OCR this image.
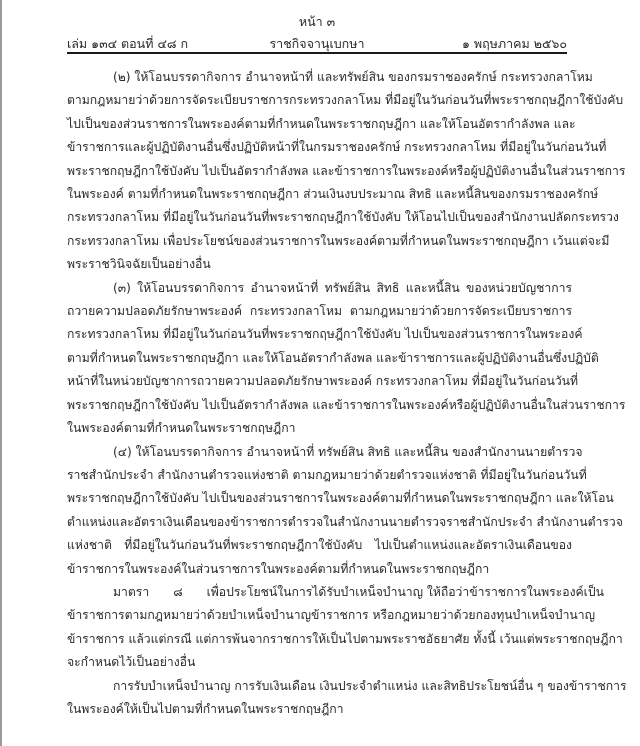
หน้า ๓
เล่ม ๑๓๔ ตอนที่ ๔๘ ก	ราชกิจจานุเบกษา	๑ พฤษภาคม ๒๕๖๐

(๒) ให้โอนบรรดากิจการ อำนาจหน้าที่ และทรัพย์สิน ของกรมราชองครักษ์ กระทรวงกลาโหม
ตามกฎหมายว่าด้วยการจัดระเบียบราชการกระทรวงกลาโหม ที่มีอยู่ในวันก่อนวันที่พระราชกฤษฎีกาใช้บังคับ
ไปเป็นของส่วนราชการในพระองค์ตามที่กำหนดในพระราชกฤษฎีกา และให้โอนอัตรากำลังพล และ
ข้าราชการและผู้ปฏิบัติงานอื่นซึ่งปฏิบัติหน้าที่ในกรมราชองครักษ์ กระทรวงกลาโหม ที่มีอยู่ในวันก่อนวันที่
พระราชกฤษฎีกาใช้บังคับ ไปเป็นอัตรากำลังพล และข้าราชการในพระองค์หรือผู้ปฏิบัติงานอื่นในส่วนราชการ
ในพระองค์ ตามที่กำหนดในพระราชกฤษฎีกา ส่วนเงินงบประมาณ สิทธิ และหนี้สินของกรมราชองครักษ์
กระทรวงกลาโหม ที่มีอยู่ในวันก่อนวันที่พระราชกฤษฎีกาใช้บังคับ ให้โอนไปเป็นของสำนักงานปลัดกระทรวง
กระทรวงกลาโหม เพื่อประโยชน์ของส่วนราชการในพระองค์ตามที่กำหนดในพระราชกฤษฎีกา เว้นแต่จะมี
พระราชวินิจฉัยเป็นอย่างอื่น

(๓) ให้โอนบรรดากิจการ อำนาจหน้าที่ ทรัพย์สิน สิทธิ และหนี้สิน ของหน่วยบัญชาการ
ถวายความปลอดภัยรักษาพระองค์ กระทรวงกลาโหม ตามกฎหมายว่าด้วยการจัดระเบียบราชการ
กระทรวงกลาโหม ที่มีอยู่ในวันก่อนวันที่พระราชกฤษฎีกาใช้บังคับ ไปเป็นของส่วนราชการในพระองค์
ตามที่กำหนดในพระราชกฤษฎีกา และให้โอนอัตรากำลังพล และข้าราชการและผู้ปฏิบัติงานอื่นซึ่งปฏิบัติ
หน้าที่ในหน่วยบัญชาการถวายความปลอดภัยรักษาพระองค์ กระทรวงกลาโหม ที่มีอยู่ในวันก่อนวันที่
พระราชกฤษฎีกาใช้บังคับ ไปเป็นอัตรากำลังพล และข้าราชการในพระองค์หรือผู้ปฏิบัติงานอื่นในส่วนราชการ
ในพระองค์ตามที่กำหนดในพระราชกฤษฎีกา

(๔) ให้โอนบรรดากิจการ อำนาจหน้าที่ ทรัพย์สิน สิทธิ และหนี้สิน ของสำนักงานนายตำรวจ
ราชสำนักประจำ สำนักงานตำรวจแห่งชาติ ตามกฎหมายว่าด้วยตำรวจแห่งชาติ ที่มีอยู่ในวันก่อนวันที่
พระราชกฤษฎีกาใช้บังคับ ไปเป็นของส่วนราชการในพระองค์ตามที่กำหนดในพระราชกฤษฎีกา และให้โอน
ตำแหน่งและอัตราเงินเดือนของข้าราชการตำรวจในสำนักงานนายตำรวจราชสำนักประจำ สำนักงานตำรวจ
แห่งชาติ ที่มีอยู่ในวันก่อนวันที่พระราชกฤษฎีกาใช้บังคับ ไปเป็นตำแหน่งและอัตราเงินเดือนของ
ข้าราชการในพระองค์ในส่วนราชการในพระองค์ตามที่กำหนดในพระราชกฤษฎีกา

มาตรา ๘ เพื่อประโยชน์ในการได้รับบำเหน็จบำนาญ ให้ถือว่าข้าราชการในพระองค์เป็น
ข้าราชการตามกฎหมายว่าด้วยบำเหน็จบำนาญข้าราชการ หรือกฎหมายว่าด้วยกองทุนบำเหน็จบำนาญ
ข้าราชการ แล้วแต่กรณี แต่การพ้นจากราชการให้เป็นไปตามพระราชอัธยาศัย ทั้งนี้ เว้นแต่พระราชกฤษฎีกา
จะกำหนดไว้เป็นอย่างอื่น

การรับบำเหน็จบำนาญ การรับเงินเดือน เงินประจำตำแหน่ง และสิทธิประโยชน์อื่น ๆ ของข้าราชการ
ในพระองค์ให้เป็นไปตามที่กำหนดในพระราชกฤษฎีกา
